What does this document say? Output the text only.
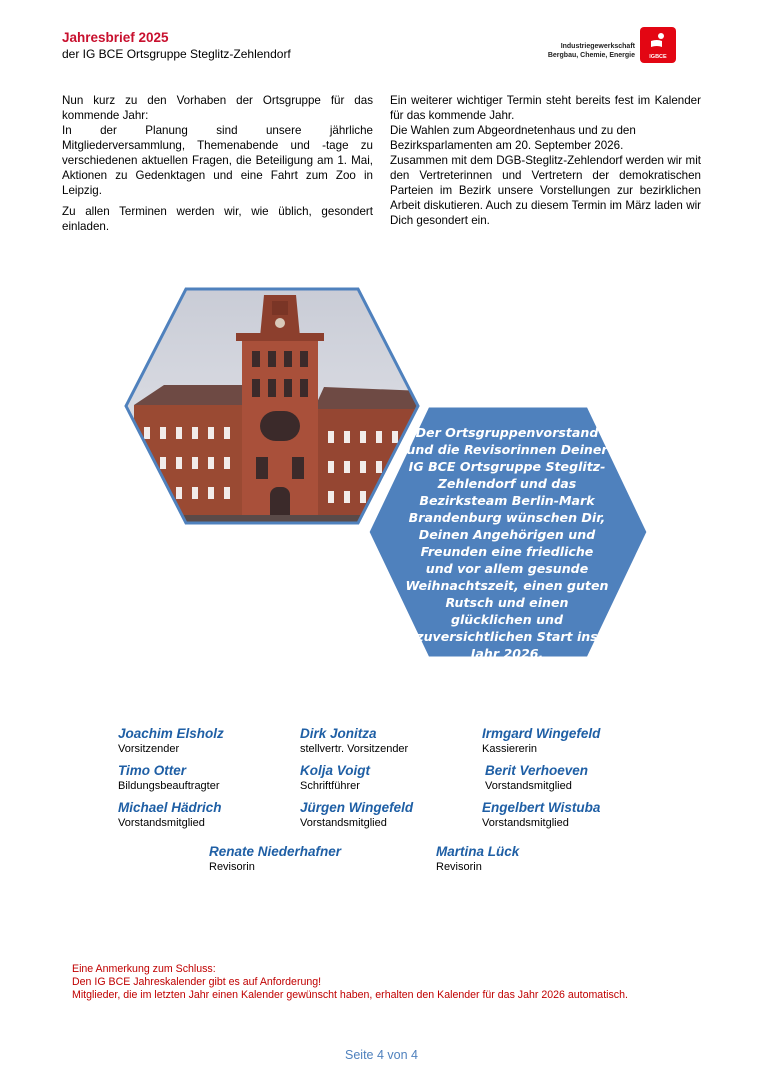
Jahresbrief 2025
der IG BCE Ortsgruppe Steglitz-Zehlendorf
Industriegewerkschaft
Bergbau, Chemie, Energie	IGBCE

Nun kurz zu den Vorhaben der Ortsgruppe für das kommende Jahr:

In der Planung sind unsere jährliche Mitgliederversammlung, Themenabende und -tage zu verschiedenen aktuellen Fragen, die Beteiligung am 1. Mai, Aktionen zu Gedenktagen und eine Fahrt zum Zoo in Leipzig.

Zu allen Terminen werden wir, wie üblich, gesondert einladen.

Ein weiterer wichtiger Termin steht bereits fest im Kalender für das kommende Jahr.
Die Wahlen zum Abgeordnetenhaus und zu den Bezirksparlamenten am 20. September 2026.
Zusammen mit dem DGB-Steglitz-Zehlendorf werden wir mit den Vertreterinnen und Vertretern der demokratischen Parteien im Bezirk unsere Vorstellungen zur bezirklichen Arbeit diskutieren. Auch zu diesem Termin im März laden wir Dich gesondert ein.
Der Ortsgruppenvorstand und die Revisorinnen Deiner IG BCE Ortsgruppe Steglitz-Zehlendorf und das Bezirksteam Berlin-Mark Brandenburg wünschen Dir, Deinen Angehörigen und Freunden eine friedliche und vor allem gesunde Weihnachtszeit, einen guten Rutsch und einen glücklichen und zuversichtlichen Start ins Jahr 2026.
Joachim Elsholz
Vorsitzender
Dirk Jonitza
stellvertr. Vorsitzender
Irmgard Wingefeld
Kassiererin
Timo Otter
Bildungsbeauftragter
Kolja Voigt
Schriftführer
Berit Verhoeven
Vorstandsmitglied
Michael Hädrich
Vorstandsmitglied
Jürgen Wingefeld
Vorstandsmitglied
Engelbert Wistuba
Vorstandsmitglied
Renate Niederhafner
Revisorin
Martina Lück
Revisorin
Eine Anmerkung zum Schluss:
Den IG BCE Jahreskalender gibt es auf Anforderung!
Mitglieder, die im letzten Jahr einen Kalender gewünscht haben, erhalten den Kalender für das Jahr 2026 automatisch.
Seite 4 von 4
